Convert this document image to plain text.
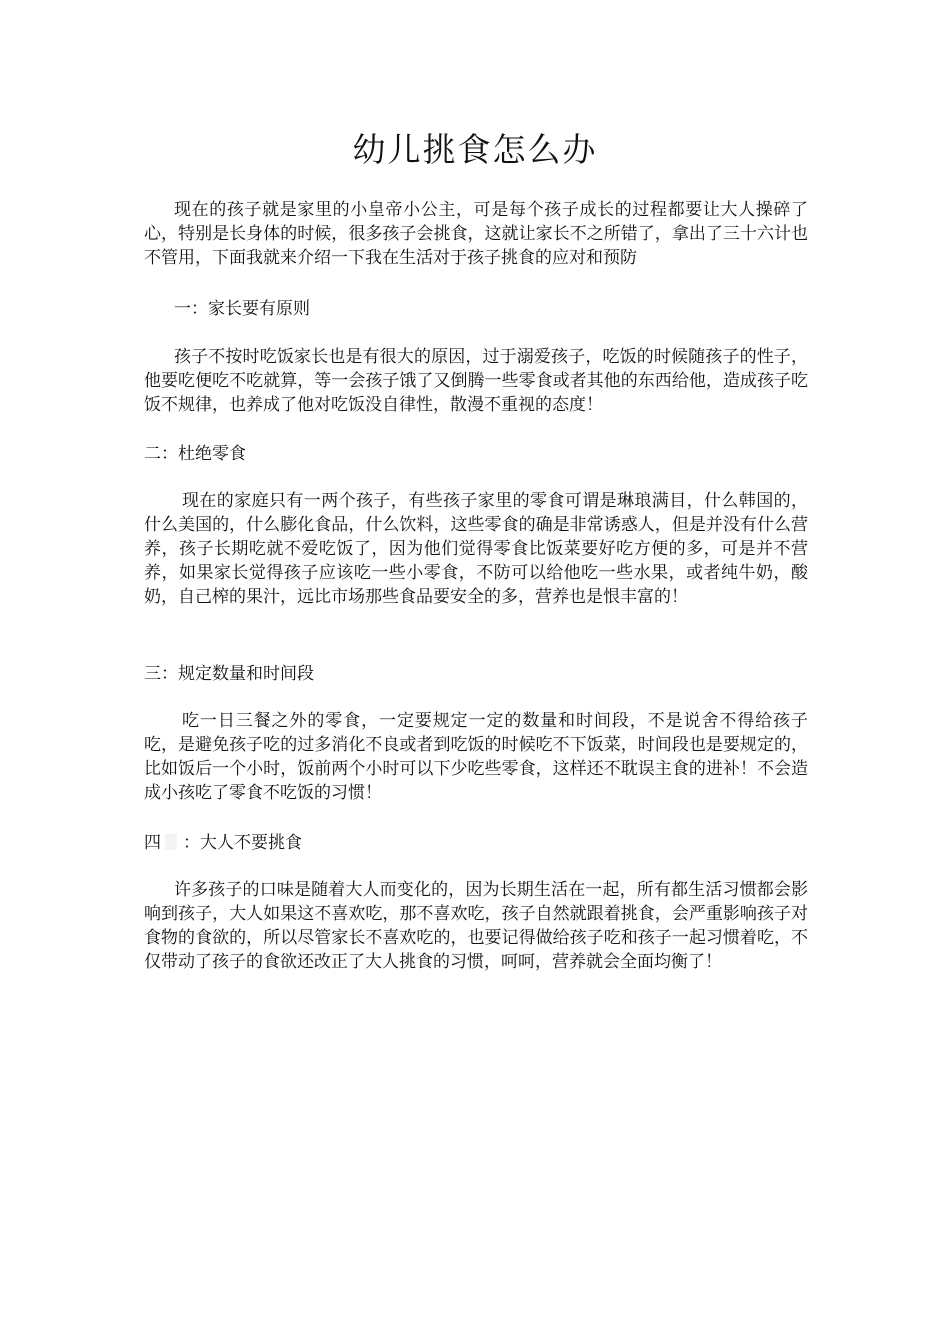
幼儿挑食怎么办
现在的孩子就是家里的小皇帝小公主，可是每个孩子成长的过程都要让大人操碎了心，特别是长身体的时候，很多孩子会挑食，这就让家长不之所错了，拿出了三十六计也不管用，下面我就来介绍一下我在生活对于孩子挑食的应对和预防
一：家长要有原则
孩子不按时吃饭家长也是有很大的原因，过于溺爱孩子，吃饭的时候随孩子的性子，他要吃便吃不吃就算，等一会孩子饿了又倒腾一些零食或者其他的东西给他，造成孩子吃饭不规律，也养成了他对吃饭没自律性，散漫不重视的态度！
二：杜绝零食
现在的家庭只有一两个孩子，有些孩子家里的零食可谓是琳琅满目，什么韩国的，什么美国的，什么膨化食品，什么饮料，这些零食的确是非常诱惑人，但是并没有什么营养，孩子长期吃就不爱吃饭了，因为他们觉得零食比饭菜要好吃方便的多，可是并不营养，如果家长觉得孩子应该吃一些小零食，不防可以给他吃一些水果，或者纯牛奶，酸奶，自己榨的果汁，远比市场那些食品要安全的多，营养也是恨丰富的！
三：规定数量和时间段
吃一日三餐之外的零食，一定要规定一定的数量和时间段，不是说舍不得给孩子吃，是避免孩子吃的过多消化不良或者到吃饭的时候吃不下饭菜，时间段也是要规定的，比如饭后一个小时，饭前两个小时可以下少吃些零食，这样还不耽误主食的进补！不会造成小孩吃了零食不吃饭的习惯！
四 ：大人不要挑食
许多孩子的口味是随着大人而变化的，因为长期生活在一起，所有都生活习惯都会影响到孩子，大人如果这不喜欢吃，那不喜欢吃，孩子自然就跟着挑食，会严重影响孩子对食物的食欲的，所以尽管家长不喜欢吃的，也要记得做给孩子吃和孩子一起习惯着吃，不仅带动了孩子的食欲还改正了大人挑食的习惯，呵呵，营养就会全面均衡了！
